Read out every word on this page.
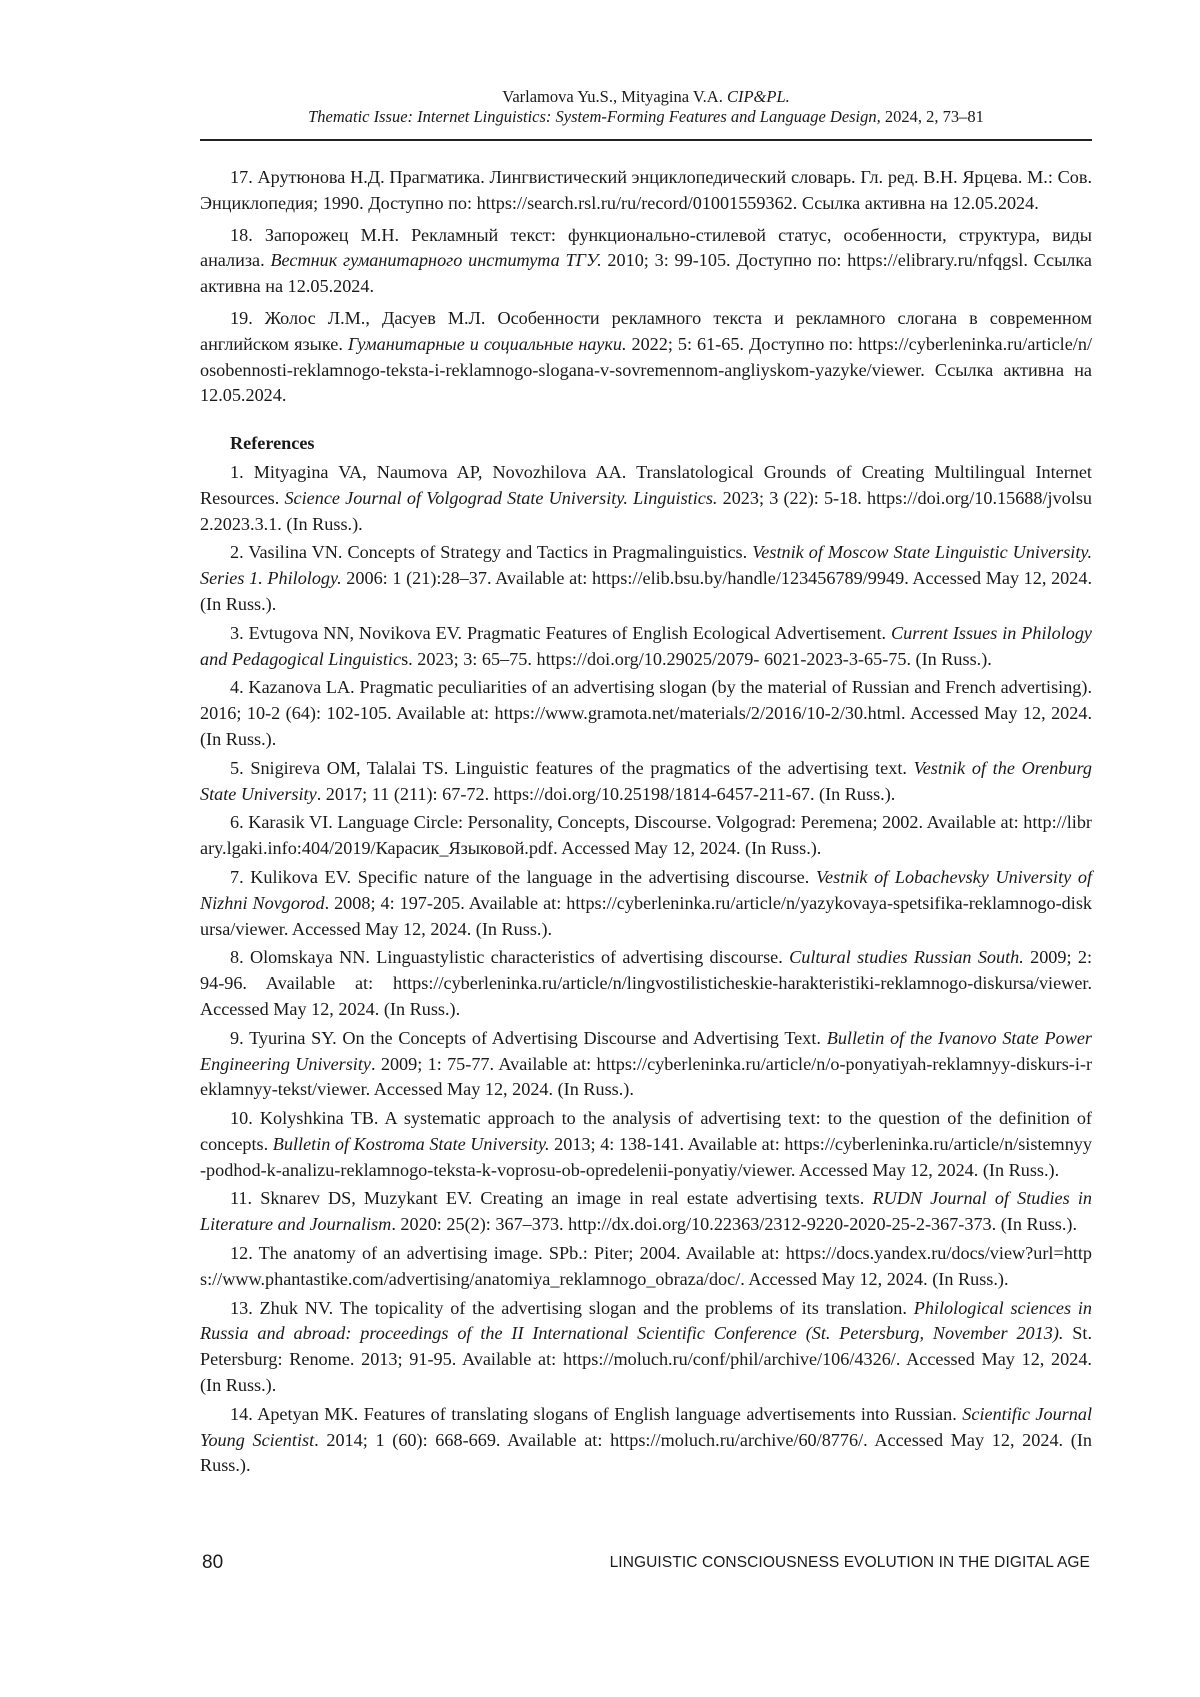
Varlamova Yu.S., Mityagina V.A. CIP&PL.
Thematic Issue: Internet Linguistics: System-Forming Features and Language Design, 2024, 2, 73–81

17. Арутюнова Н.Д. Прагматика. Лингвистический энциклопедический словарь. Гл. ред. В.Н. Ярцева. М.: Сов. Энциклопедия; 1990. Доступно по: https://search.rsl.ru/ru/record/01001559362. Ссылка активна на 12.05.2024.

18. Запорожец М.Н. Рекламный текст: функционально-стилевой статус, особенности, структура, виды анализа. Вестник гуманитарного института ТГУ. 2010; 3: 99-105. Доступно по: https://elibrary.ru/nfqgsl. Ссылка активна на 12.05.2024.

19. Жолос Л.М., Дасуев М.Л. Особенности рекламного текста и рекламного слогана в современном английском языке. Гуманитарные и социальные науки. 2022; 5: 61-65. Доступно по: https://cyberleninka.ru/article/n/osobennosti-reklamnogo-teksta-i-reklamnogo-slogana-v-sovremennom-angliyskom-yazyke/viewer. Ссылка активна на 12.05.2024.

References

1. Mityagina VA, Naumova AP, Novozhilova AA. Translatological Grounds of Creating Multilingual Internet Resources. Science Journal of Volgograd State University. Linguistics. 2023; 3 (22): 5-18. https://doi.org/10.15688/jvolsu2.2023.3.1. (In Russ.).

2. Vasilina VN. Concepts of Strategy and Tactics in Pragmalinguistics. Vestnik of Moscow State Linguistic University. Series 1. Philology. 2006: 1 (21):28–37. Available at: https://elib.bsu.by/handle/123456789/9949. Accessed May 12, 2024. (In Russ.).

3. Evtugova NN, Novikova EV. Pragmatic Features of English Ecological Advertisement. Current Issues in Philology and Pedagogical Linguistics. 2023; 3: 65–75. https://doi.org/10.29025/2079- 6021-2023-3-65-75. (In Russ.).

4. Kazanova LA. Pragmatic peculiarities of an advertising slogan (by the material of Russian and French advertising). 2016; 10-2 (64): 102-105. Available at: https://www.gramota.net/materials/2/2016/10-2/30.html. Accessed May 12, 2024. (In Russ.).

5. Snigireva OM, Talalai TS. Linguistic features of the pragmatics of the advertising text. Vestnik of the Orenburg State University. 2017; 11 (211): 67-72. https://doi.org/10.25198/1814-6457-211-67. (In Russ.).

6. Karasik VI. Language Circle: Personality, Concepts, Discourse. Volgograd: Peremena; 2002. Available at: http://library.lgaki.info:404/2019/Карасик_Языковой.pdf. Accessed May 12, 2024. (In Russ.).

7. Kulikova EV. Specific nature of the language in the advertising discourse. Vestnik of Lobachevsky University of Nizhni Novgorod. 2008; 4: 197-205. Available at: https://cyberleninka.ru/article/n/yazykovaya-spetsifika-reklamnogo-diskursa/viewer. Accessed May 12, 2024. (In Russ.).

8. Olomskaya NN. Linguastylistic characteristics of advertising discourse. Cultural studies Russian South. 2009; 2: 94-96. Available at: https://cyberleninka.ru/article/n/lingvostilisticheskie-harakteristiki-reklamnogo-diskursa/viewer. Accessed May 12, 2024. (In Russ.).

9. Tyurina SY. On the Concepts of Advertising Discourse and Advertising Text. Bulletin of the Ivanovo State Power Engineering University. 2009; 1: 75-77. Available at: https://cyberleninka.ru/article/n/o-ponyatiyah-reklamnyy-diskurs-i-reklamnyy-tekst/viewer. Accessed May 12, 2024. (In Russ.).

10. Kolyshkina TB. A systematic approach to the analysis of advertising text: to the question of the definition of concepts. Bulletin of Kostroma State University. 2013; 4: 138-141. Available at: https://cyberleninka.ru/article/n/sistemnyy-podhod-k-analizu-reklamnogo-teksta-k-voprosu-ob-opredelenii-ponyatiy/viewer. Accessed May 12, 2024. (In Russ.).

11. Sknarev DS, Muzykant EV. Creating an image in real estate advertising texts. RUDN Journal of Studies in Literature and Journalism. 2020: 25(2): 367–373. http://dx.doi.org/10.22363/2312-9220-2020-25-2-367-373. (In Russ.).

12. The anatomy of an advertising image. SPb.: Piter; 2004. Available at: https://docs.yandex.ru/docs/view?url=https://www.phantastike.com/advertising/anatomiya_reklamnogo_obraza/doc/. Accessed May 12, 2024. (In Russ.).

13. Zhuk NV. The topicality of the advertising slogan and the problems of its translation. Philological sciences in Russia and abroad: proceedings of the II International Scientific Conference (St. Petersburg, November 2013). St. Petersburg: Renome. 2013; 91-95. Available at: https://moluch.ru/conf/phil/archive/106/4326/. Accessed May 12, 2024. (In Russ.).

14. Apetyan MK. Features of translating slogans of English language advertisements into Russian. Scientific Journal Young Scientist. 2014; 1 (60): 668-669. Available at: https://moluch.ru/archive/60/8776/. Accessed May 12, 2024. (In Russ.).

80	LINGUISTIC CONSCIOUSNESS EVOLUTION IN THE DIGITAL AGE
